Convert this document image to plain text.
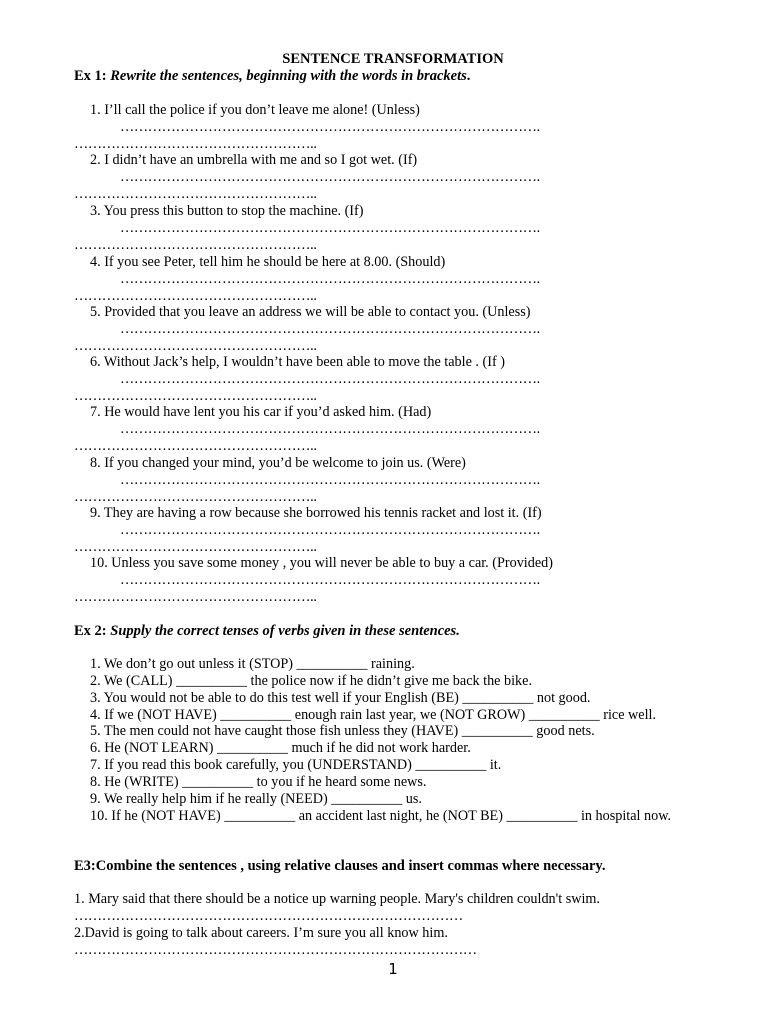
SENTENCE TRANSFORMATION
Ex 1: Rewrite the sentences, beginning with the words in brackets.
1. I’ll call the police if you don’t leave me alone! (Unless)
……………………………………………………………………………….
……………………………………………..
2. I didn’t have an umbrella with me and so I got wet. (If)
……………………………………………………………………………….
……………………………………………..
3. You press this button to stop the machine. (If)
……………………………………………………………………………….
……………………………………………..
4. If you see Peter, tell him he should be here at 8.00. (Should)
……………………………………………………………………………….
……………………………………………..
5. Provided that you leave an address we will be able to contact you. (Unless)
……………………………………………………………………………….
……………………………………………..
6. Without Jack’s help, I wouldn’t have been able to move the table . (If )
……………………………………………………………………………….
……………………………………………..
7. He would have lent you his car if you’d asked him. (Had)
……………………………………………………………………………….
……………………………………………..
8. If you changed your mind, you’d be welcome to join us. (Were)
……………………………………………………………………………….
……………………………………………..
9. They are having a row because she borrowed his tennis racket and lost it. (If)
……………………………………………………………………………….
……………………………………………..
10. Unless you save some money , you will never be able to buy a car. (Provided)
……………………………………………………………………………….
……………………………………………..
Ex 2: Supply the correct tenses of verbs given in these sentences.
1. We don’t go out unless it (STOP) __________ raining.
2. We (CALL) __________ the police now if he didn’t give me back the bike.
3. You would not be able to do this test well if your English (BE) __________ not good.
4. If we (NOT HAVE) __________ enough rain last year, we (NOT GROW) __________ rice well.
5. The men could not have caught those fish unless they (HAVE) __________ good nets.
6. He (NOT LEARN) __________ much if he did not work harder.
7. If you read this book carefully, you (UNDERSTAND) __________ it.
8. He (WRITE) __________ to you if he heard some news.
9. We really help him if he really (NEED) __________ us.
10. If he (NOT HAVE) __________ an accident last night, he (NOT BE) __________ in hospital now.
E3:Combine the sentences , using relative clauses and insert commas where necessary.
1. Mary said that there should be a notice up warning people. Mary's children couldn't swim.
…………………………………………………………………………
2.David is going to talk about careers. I’m sure you all know him.
……………………………………………………………………………
1
